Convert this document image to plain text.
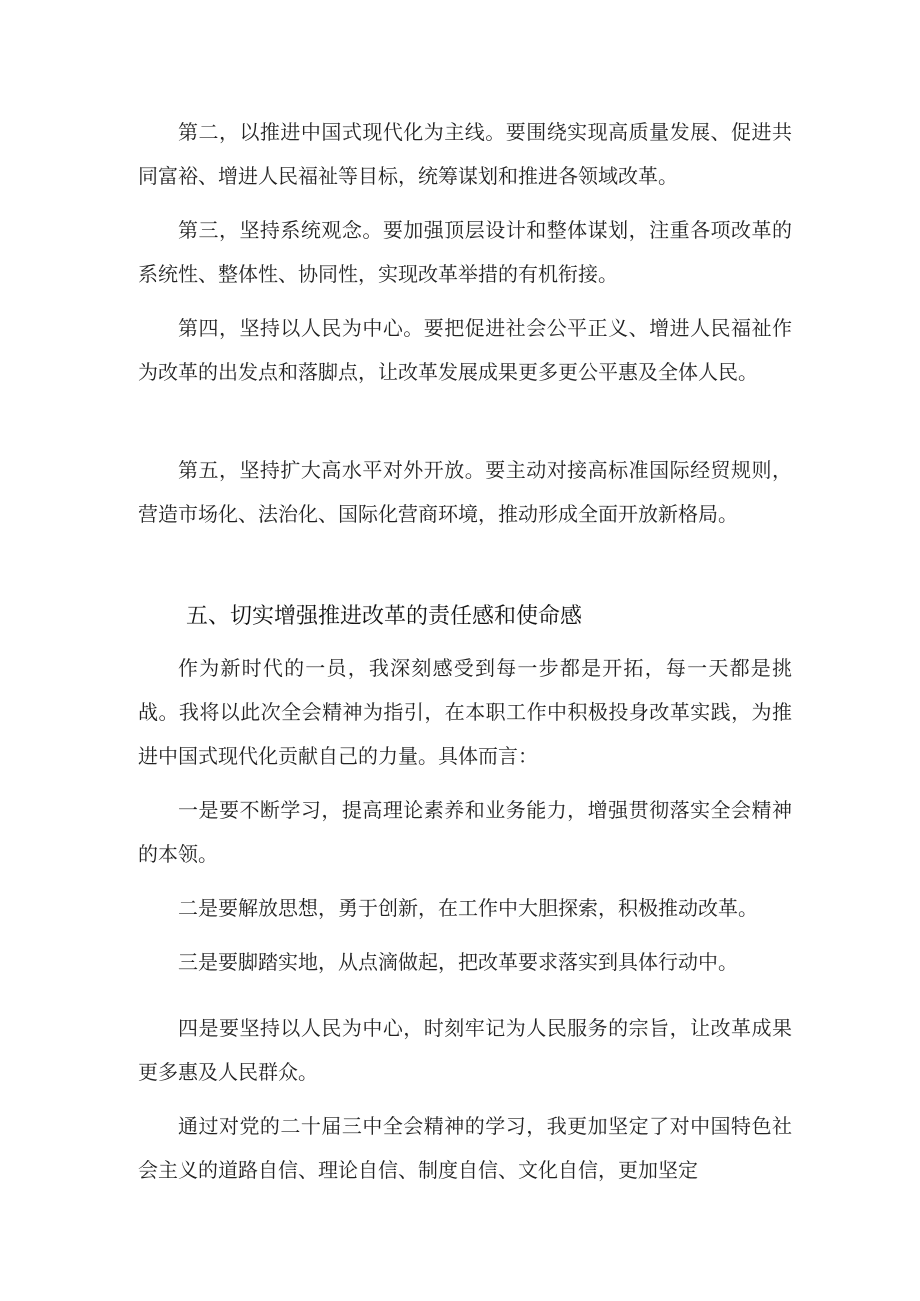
第二，以推进中国式现代化为主线。要围绕实现高质量发展、促进共同富裕、增进人民福祉等目标，统筹谋划和推进各领域改革。

第三，坚持系统观念。要加强顶层设计和整体谋划，注重各项改革的系统性、整体性、协同性，实现改革举措的有机衔接。

第四，坚持以人民为中心。要把促进社会公平正义、增进人民福祉作为改革的出发点和落脚点，让改革发展成果更多更公平惠及全体人民。

第五，坚持扩大高水平对外开放。要主动对接高标准国际经贸规则，营造市场化、法治化、国际化营商环境，推动形成全面开放新格局。

五、切实增强推进改革的责任感和使命感

作为新时代的一员，我深刻感受到每一步都是开拓，每一天都是挑战。我将以此次全会精神为指引，在本职工作中积极投身改革实践，为推进中国式现代化贡献自己的力量。具体而言：

一是要不断学习，提高理论素养和业务能力，增强贯彻落实全会精神的本领。

二是要解放思想，勇于创新，在工作中大胆探索，积极推动改革。

三是要脚踏实地，从点滴做起，把改革要求落实到具体行动中。

四是要坚持以人民为中心，时刻牢记为人民服务的宗旨，让改革成果更多惠及人民群众。

通过对党的二十届三中全会精神的学习，我更加坚定了对中国特色社会主义的道路自信、理论自信、制度自信、文化自信，更加坚定
